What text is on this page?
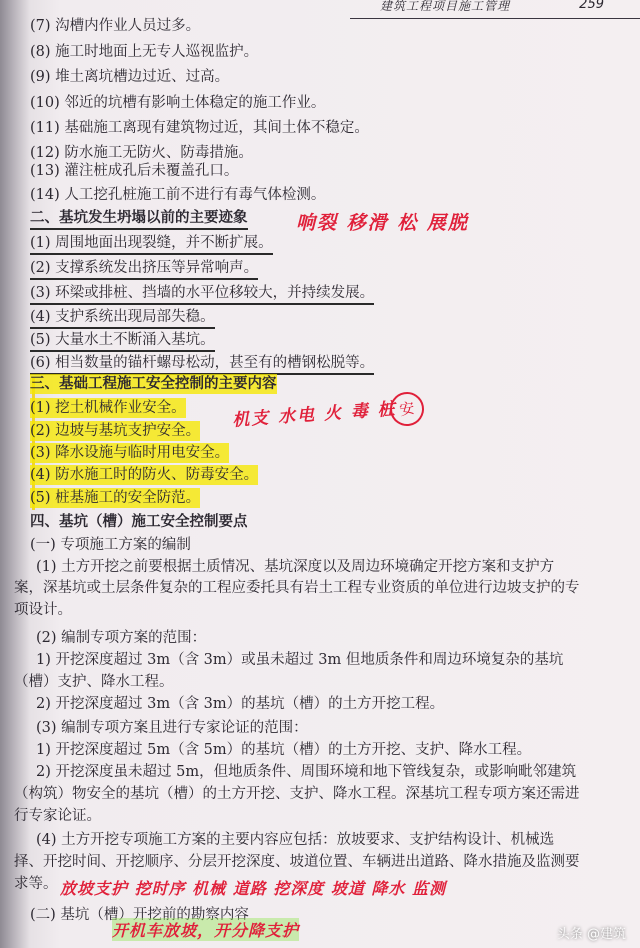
建筑工程项目施工管理	259
(7) 沟槽内作业人员过多。
(8) 施工时地面上无专人巡视监护。
(9) 堆土离坑槽边过近、过高。
(10) 邻近的坑槽有影响土体稳定的施工作业。
(11) 基础施工离现有建筑物过近，其间土体不稳定。
(12) 防水施工无防火、防毒措施。
(13) 灌注桩成孔后未覆盖孔口。
(14) 人工挖孔桩施工前不进行有毒气体检测。
二、基坑发生坍塌以前的主要迹象	响裂 移滑 松 展脱
(1) 周围地面出现裂缝，并不断扩展。
(2) 支撑系统发出挤压等异常响声。
(3) 环梁或排桩、挡墙的水平位移较大，并持续发展。
(4) 支护系统出现局部失稳。
(5) 大量水土不断涌入基坑。
(6) 相当数量的锚杆螺母松动，甚至有的槽钢松脱等。
三、基础工程施工安全控制的主要内容
机支 水电 火 毒 桩 安
(1) 挖土机械作业安全。
(2) 边坡与基坑支护安全。
(3) 降水设施与临时用电安全。
(4) 防水施工时的防火、防毒安全。
(5) 桩基施工的安全防范。
四、基坑（槽）施工安全控制要点
(一) 专项施工方案的编制
(1) 土方开挖之前要根据土质情况、基坑深度以及周边环境确定开挖方案和支护方
案，深基坑或土层条件复杂的工程应委托具有岩土工程专业资质的单位进行边坡支护的专
项设计。
(2) 编制专项方案的范围：
1) 开挖深度超过 3m（含 3m）或虽未超过 3m 但地质条件和周边环境复杂的基坑
（槽）支护、降水工程。
2) 开挖深度超过 3m（含 3m）的基坑（槽）的土方开挖工程。
(3) 编制专项方案且进行专家论证的范围：
1) 开挖深度超过 5m（含 5m）的基坑（槽）的土方开挖、支护、降水工程。
2) 开挖深度虽未超过 5m，但地质条件、周围环境和地下管线复杂，或影响毗邻建筑
（构筑）物安全的基坑（槽）的土方开挖、支护、降水工程。深基坑工程专项方案还需进
行专家论证。
(4) 土方开挖专项施工方案的主要内容应包括：放坡要求、支护结构设计、机械选
择、开挖时间、开挖顺序、分层开挖深度、坡道位置、车辆进出道路、降水措施及监测要
求等。 放坡支护 挖时序 机械 道路 挖深度 坡道 降水 监测
(二) 基坑（槽）开挖前的勘察内容
开机车放坡，开分降支护	头条 @建筑
